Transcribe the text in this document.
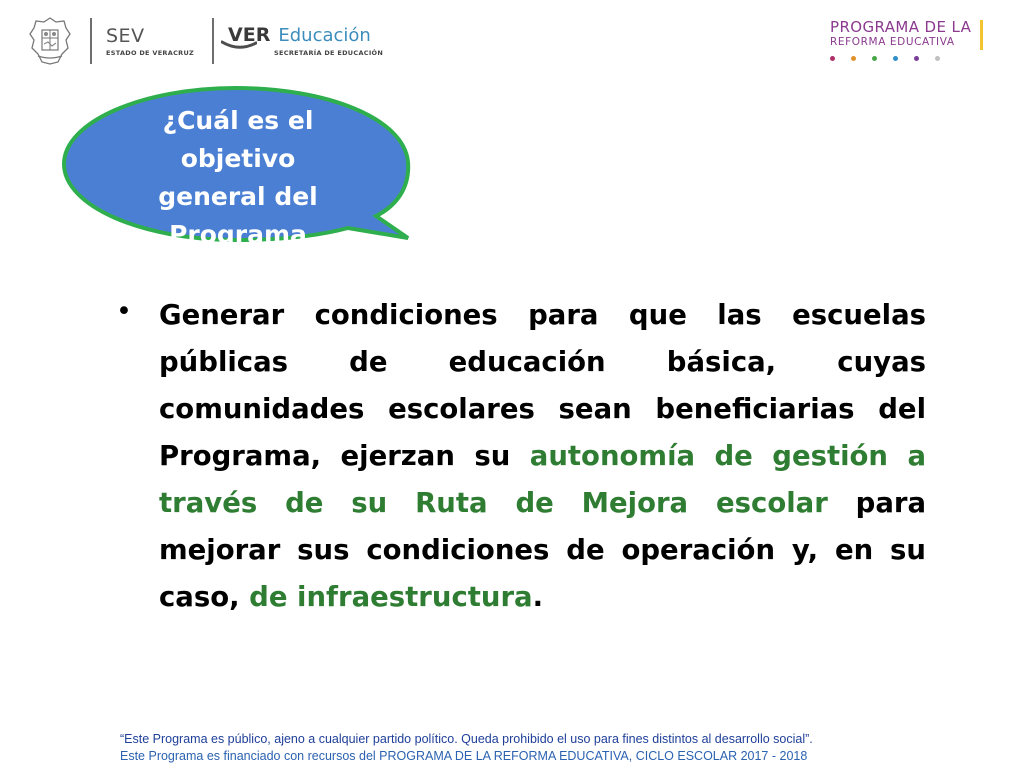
SEV
ESTADO DE VERACRUZ
VER Educación
SECRETARÍA DE EDUCACIÓN
PROGRAMA DE LA
REFORMA EDUCATIVA
¿Cuál es el objetivo general del Programa
• Generar condiciones para que las escuelas públicas de educación básica, cuyas comunidades escolares sean beneficiarias del Programa, ejerzan su autonomía de gestión a través de su Ruta de Mejora escolar para mejorar sus condiciones de operación y, en su caso, de infraestructura.
“Este Programa es público, ajeno a cualquier partido político. Queda prohibido el uso para fines distintos al desarrollo social”.
Este Programa es financiado con recursos del PROGRAMA DE LA REFORMA EDUCATIVA, CICLO ESCOLAR 2017 - 2018
